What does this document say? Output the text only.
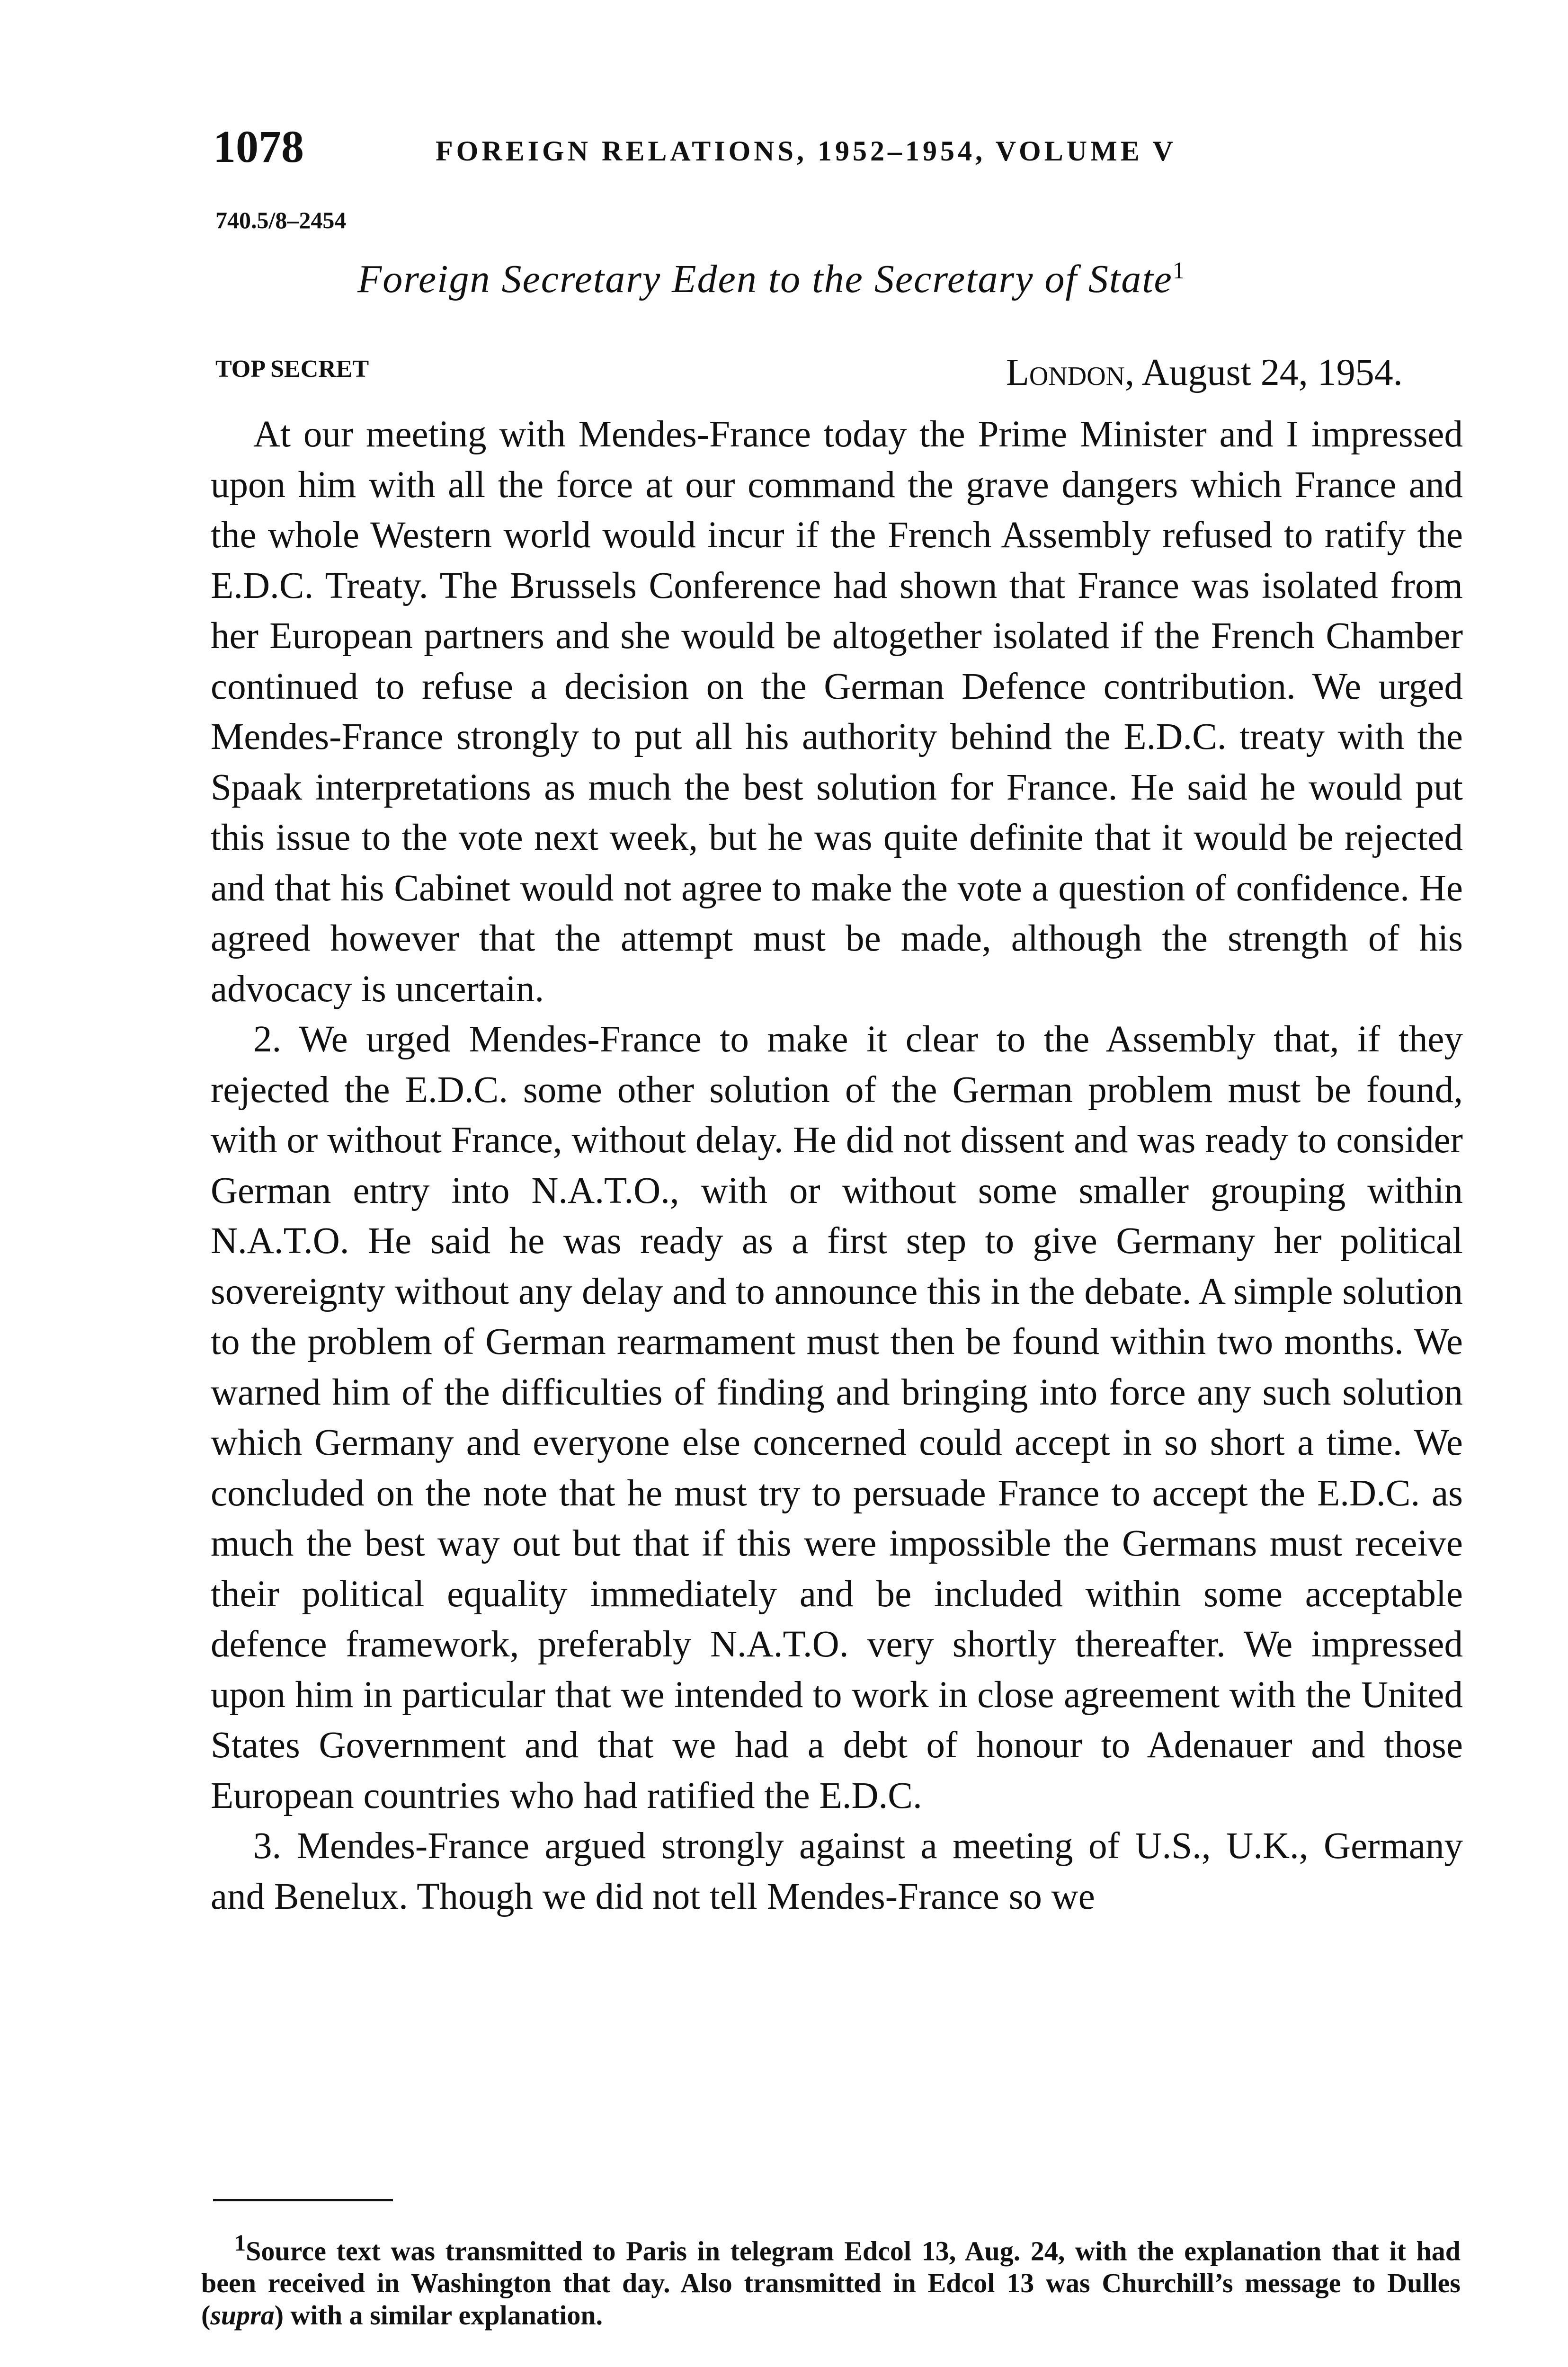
1078	FOREIGN RELATIONS, 1952–1954, VOLUME V
740.5/8–2454
Foreign Secretary Eden to the Secretary of State$^1$
TOP SECRET	London, August 24, 1954.

At our meeting with Mendes-France today the Prime Minister and I impressed upon him with all the force at our command the grave dangers which France and the whole Western world would incur if the French Assembly refused to ratify the E.D.C. Treaty. The Brussels Conference had shown that France was isolated from her European partners and she would be altogether isolated if the French Chamber continued to refuse a decision on the German Defence contribution. We urged Mendes-France strongly to put all his authority behind the E.D.C. treaty with the Spaak interpretations as much the best solution for France. He said he would put this issue to the vote next week, but he was quite definite that it would be rejected and that his Cabinet would not agree to make the vote a question of confidence. He agreed however that the attempt must be made, although the strength of his advocacy is uncertain.

2. We urged Mendes-France to make it clear to the Assembly that, if they rejected the E.D.C. some other solution of the German problem must be found, with or without France, without delay. He did not dissent and was ready to consider German entry into N.A.T.O., with or without some smaller grouping within N.A.T.O. He said he was ready as a first step to give Germany her political sovereignty without any delay and to announce this in the debate. A simple solution to the problem of German rearmament must then be found within two months. We warned him of the difficulties of finding and bringing into force any such solution which Germany and everyone else concerned could accept in so short a time. We concluded on the note that he must try to persuade France to accept the E.D.C. as much the best way out but that if this were impossible the Germans must receive their political equality immediately and be included within some acceptable defence framework, preferably N.A.T.O. very shortly thereafter. We impressed upon him in particular that we intended to work in close agreement with the United States Government and that we had a debt of honour to Adenauer and those European countries who had ratified the E.D.C.

3. Mendes-France argued strongly against a meeting of U.S., U.K., Germany and Benelux. Though we did not tell Mendes-France so we

$^1$Source text was transmitted to Paris in telegram Edcol 13, Aug. 24, with the explanation that it had been received in Washington that day. Also transmitted in Edcol 13 was Churchill’s message to Dulles (supra) with a similar explanation.
